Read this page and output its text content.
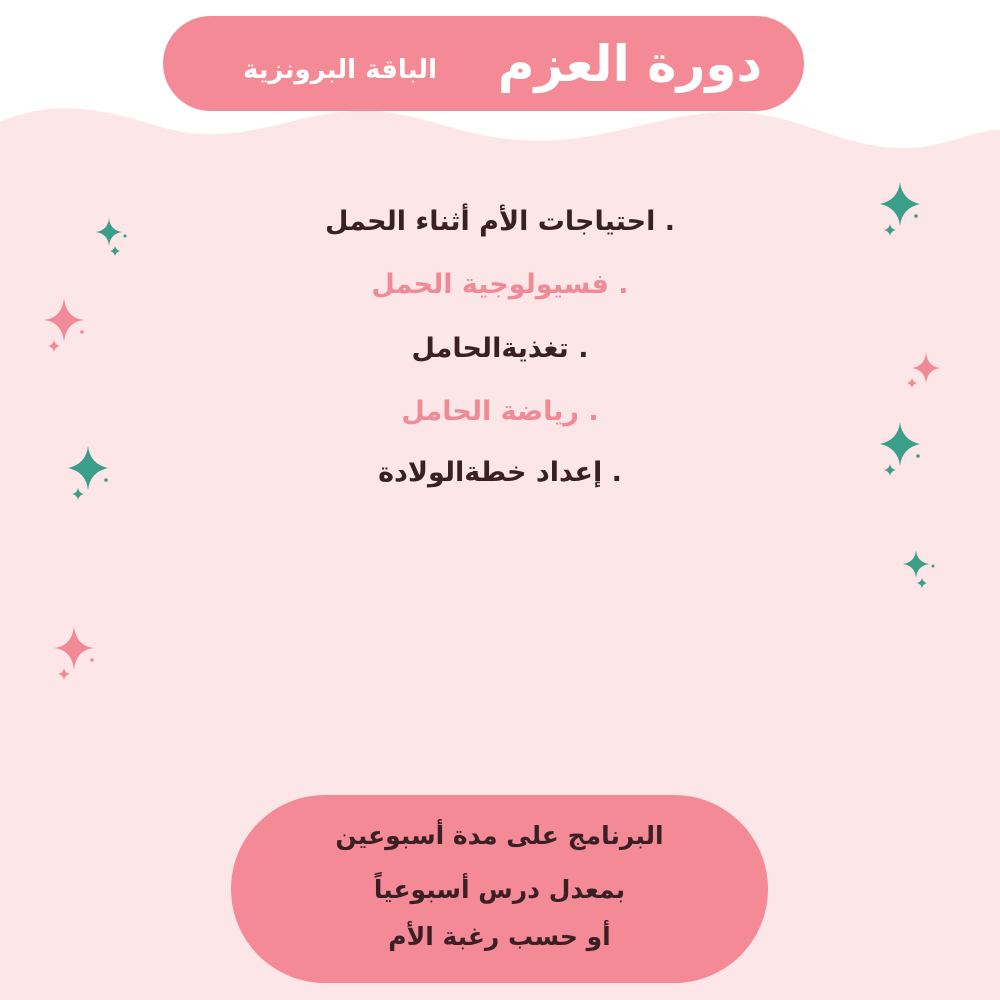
دورة العزم
الباقة البرونزية
. احتياجات الأم أثناء الحمل
. فسيولوجية الحمل
. تغذيةالحامل
. رياضة الحامل
. إعداد خطةالولادة
البرنامج على مدة أسبوعين
بمعدل درس أسبوعياً
أو حسب رغبة الأم
